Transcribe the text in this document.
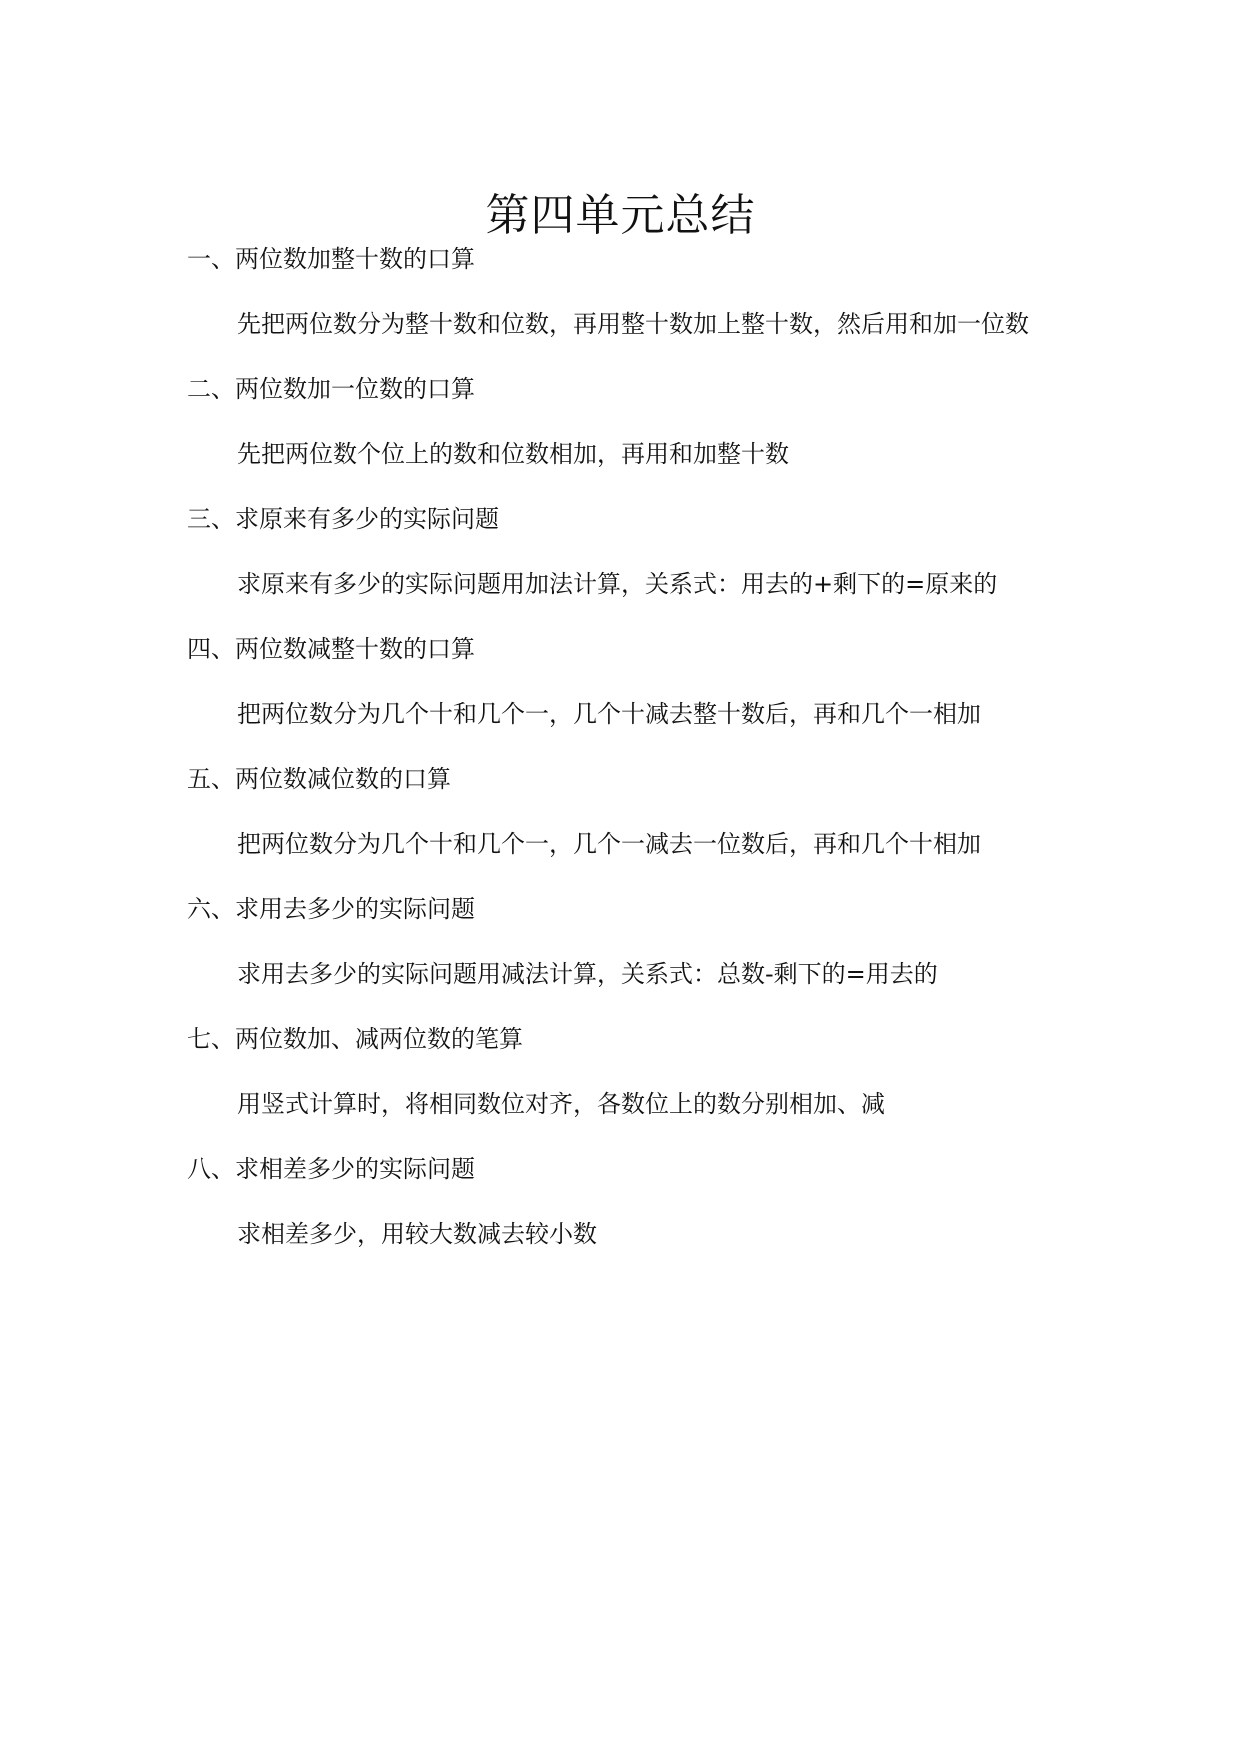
第四单元总结

一、两位数加整十数的口算

先把两位数分为整十数和位数，再用整十数加上整十数，然后用和加一位数

二、两位数加一位数的口算

先把两位数个位上的数和位数相加，再用和加整十数

三、求原来有多少的实际问题

求原来有多少的实际问题用加法计算，关系式：用去的+剩下的=原来的

四、两位数减整十数的口算

把两位数分为几个十和几个一，几个十减去整十数后，再和几个一相加

五、两位数减位数的口算

把两位数分为几个十和几个一，几个一减去一位数后，再和几个十相加

六、求用去多少的实际问题

求用去多少的实际问题用减法计算，关系式：总数-剩下的=用去的

七、两位数加、减两位数的笔算

用竖式计算时，将相同数位对齐，各数位上的数分别相加、减

八、求相差多少的实际问题

求相差多少，用较大数减去较小数
